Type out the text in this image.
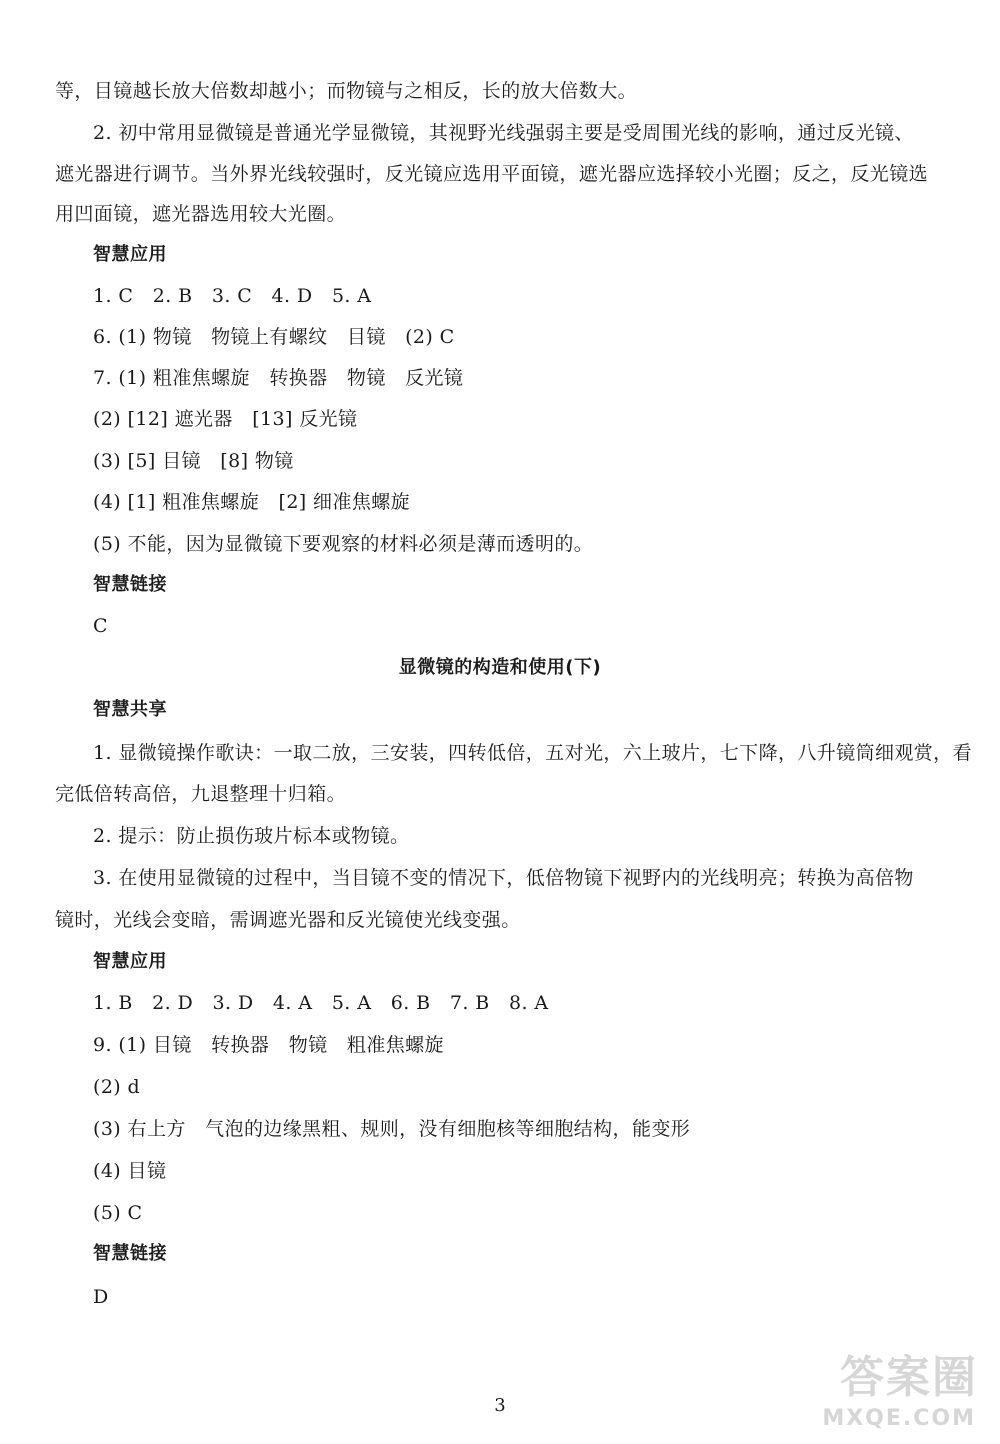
等，目镜越长放大倍数却越小；而物镜与之相反，长的放大倍数大。
2. 初中常用显微镜是普通光学显微镜，其视野光线强弱主要是受周围光线的影响，通过反光镜、
遮光器进行调节。当外界光线较强时，反光镜应选用平面镜，遮光器应选择较小光圈；反之，反光镜选
用凹面镜，遮光器选用较大光圈。
智慧应用
1. C　2. B　3. C　4. D　5. A
6. (1) 物镜　物镜上有螺纹　目镜　(2) C
7. (1) 粗准焦螺旋　转换器　物镜　反光镜
(2) [12] 遮光器　[13] 反光镜
(3) [5] 目镜　[8] 物镜
(4) [1] 粗准焦螺旋　[2] 细准焦螺旋
(5) 不能，因为显微镜下要观察的材料必须是薄而透明的。
智慧链接
C
显微镜的构造和使用(下)
智慧共享
1. 显微镜操作歌诀：一取二放，三安装，四转低倍，五对光，六上玻片，七下降，八升镜筒细观赏，看
完低倍转高倍，九退整理十归箱。
2. 提示：防止损伤玻片标本或物镜。
3. 在使用显微镜的过程中，当目镜不变的情况下，低倍物镜下视野内的光线明亮；转换为高倍物
镜时，光线会变暗，需调遮光器和反光镜使光线变强。
智慧应用
1. B　2. D　3. D　4. A　5. A　6. B　7. B　8. A
9. (1) 目镜　转换器　物镜　粗准焦螺旋
(2) d
(3) 右上方　气泡的边缘黑粗、规则，没有细胞核等细胞结构，能变形
(4) 目镜
(5) C
智慧链接
D
3
答案圈
MXQE.COM
